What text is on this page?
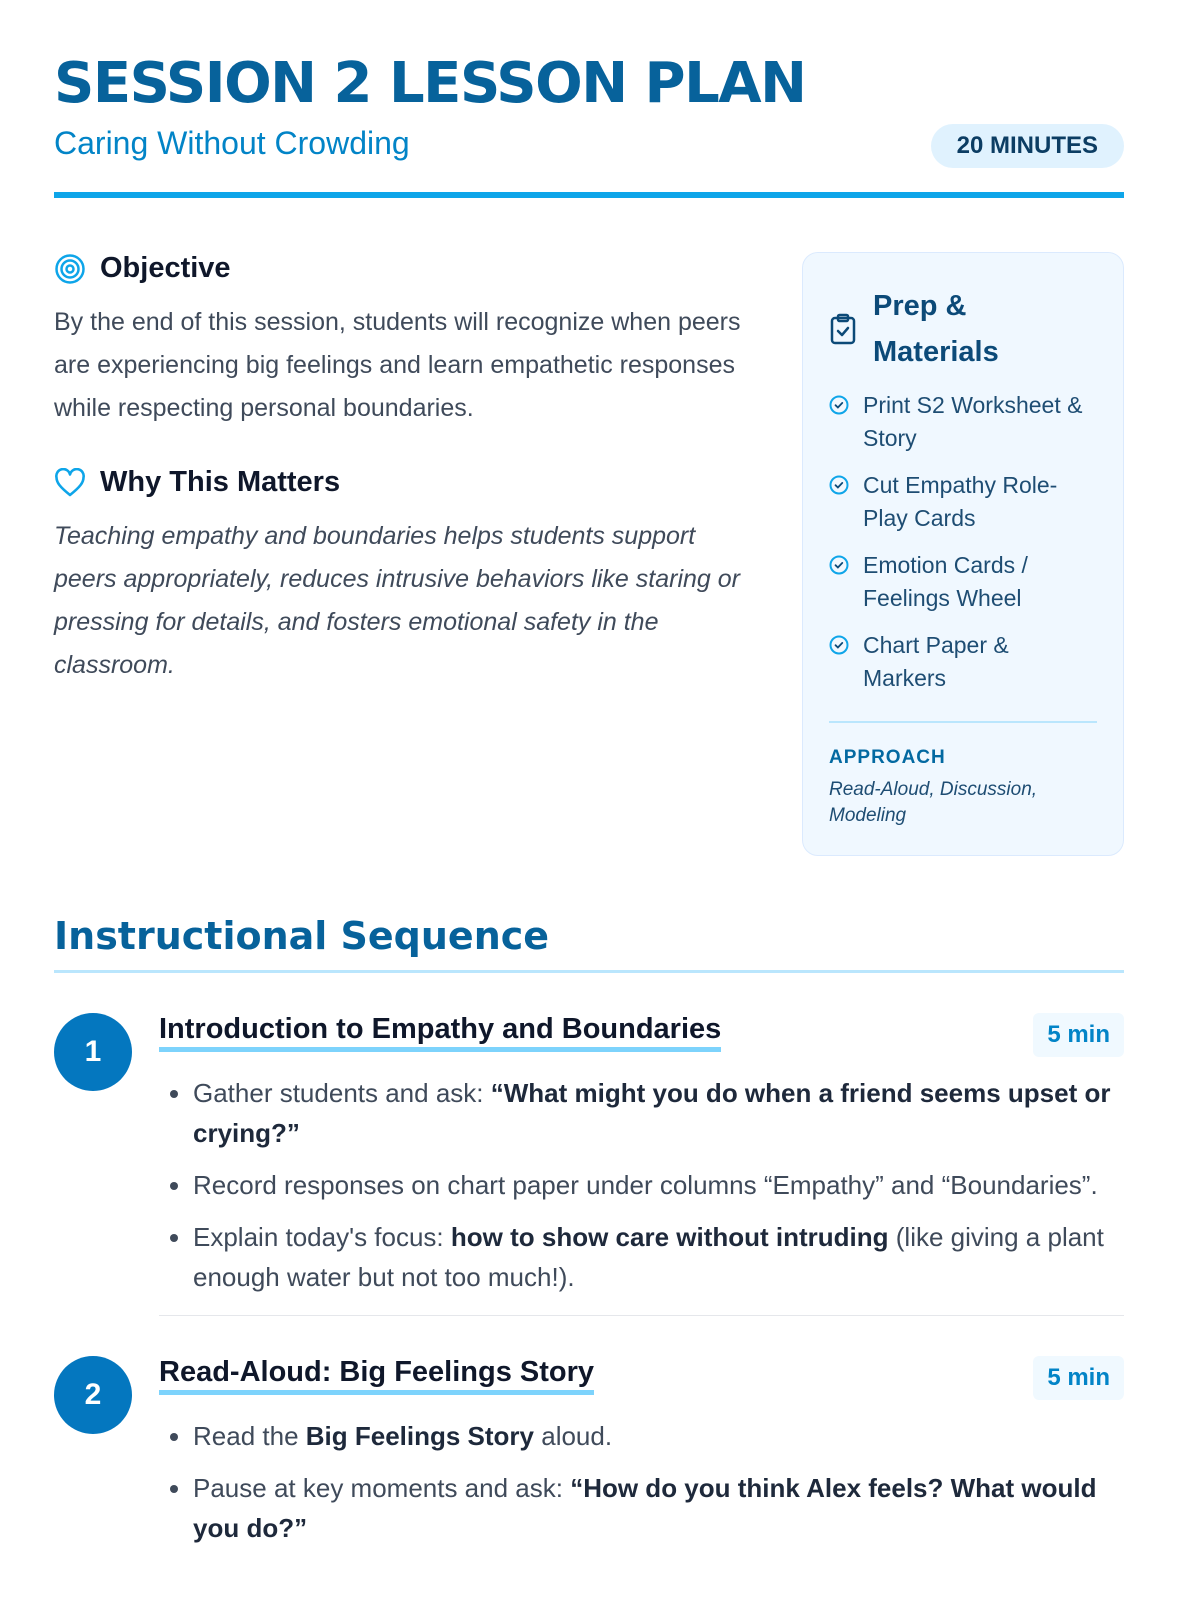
SESSION 2 LESSON PLAN
Caring Without Crowding	20 MINUTES
Objective

By the end of this session, students will recognize when peers are experiencing big feelings and learn empathetic responses while respecting personal boundaries.

Why This Matters

Teaching empathy and boundaries helps students support peers appropriately, reduces intrusive behaviors like staring or pressing for details, and fosters emotional safety in the classroom.

Prep & Materials
Print S2 Worksheet & Story
Cut Empathy Role-Play Cards
Emotion Cards / Feelings Wheel
Chart Paper & Markers
APPROACH
Read-Aloud, Discussion, Modeling
Instructional Sequence
1
Introduction to Empathy and Boundaries	5 min
• Gather students and ask: “What might you do when a friend seems upset or crying?”
• Record responses on chart paper under columns “Empathy” and “Boundaries”.
• Explain today's focus: how to show care without intruding (like giving a plant enough water but not too much!).
2
Read-Aloud: Big Feelings Story	5 min
• Read the Big Feelings Story aloud.
• Pause at key moments and ask: “How do you think Alex feels? What would you do?”
